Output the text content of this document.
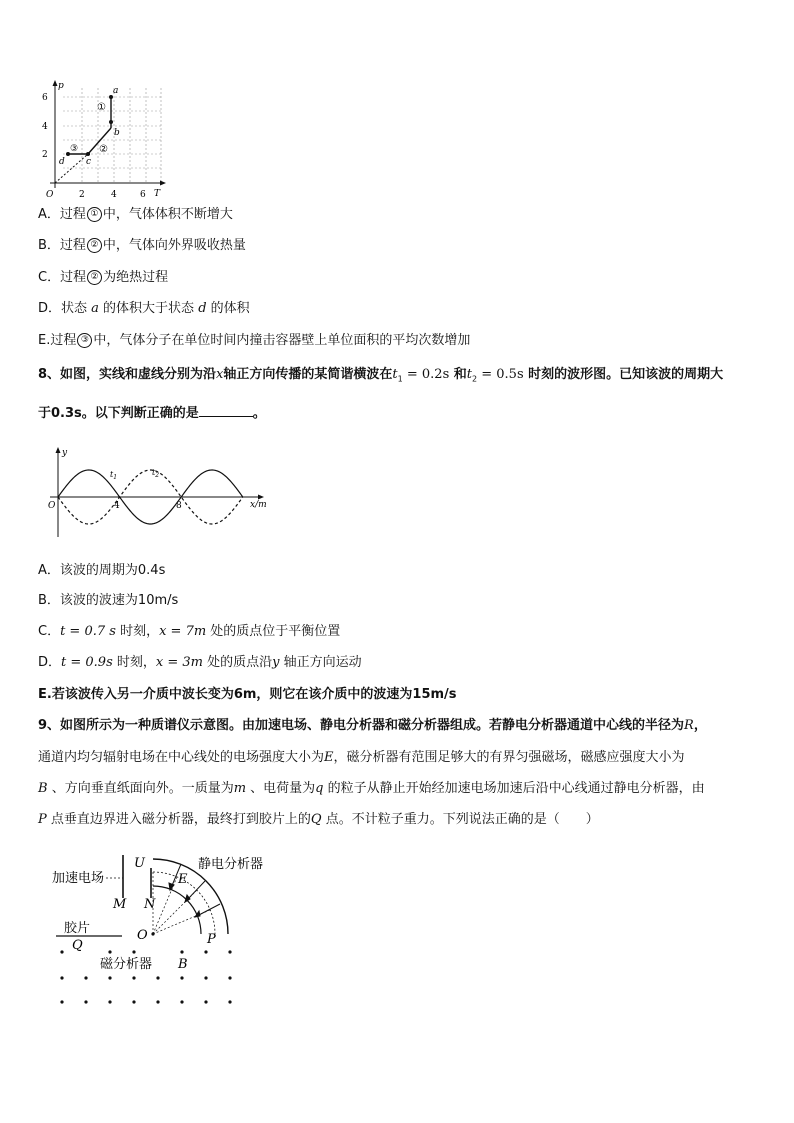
p
T
O
6
4
2
2	4	6
a
b
c
d
①
②
③
A．过程 ① 中，气体体积不断增大
B．过程 ② 中，气体向外界吸收热量
C．过程 ② 为绝热过程
D．状态 a 的体积大于状态 d 的体积
E.过程 ③ 中，气体分子在单位时间内撞击容器壁上单位面积的平均次数增加
8、如图，实线和虚线分别为沿x轴正方向传播的某简谐横波在$t_1 = 0.2s$ 和$t_2 = 0.5s$ 时刻的波形图。已知该波的周期大
于0.3s。以下判断正确的是	。
y
x/m
O	4	8
$t_1$
$t_2$
A．该波的周期为0.4s
B．该波的波速为10m/s
C．t = 0.7 s 时刻，x = 7m 处的质点位于平衡位置
D．t = 0.9s 时刻，x = 3m 处的质点沿y 轴正方向运动
E.若该波传入另一介质中波长变为6m，则它在该介质中的波速为15m/s
9、如图所示为一种质谱仪示意图。由加速电场、静电分析器和磁分析器组成。若静电分析器通道中心线的半径为R，
通道内均匀辐射电场在中心线处的电场强度大小为E，磁分析器有范围足够大的有界匀强磁场，磁感应强度大小为
B 、方向垂直纸面向外。一质量为m 、电荷量为q 的粒子从静止开始经加速电场加速后沿中心线通过静电分析器，由
P 点垂直边界进入磁分析器，最终打到胶片上的Q 点。不计粒子重力。下列说法正确的是（　　）
加速电场
U
M N
E
静电分析器
O	P
胶片
Q
磁分析器 B
